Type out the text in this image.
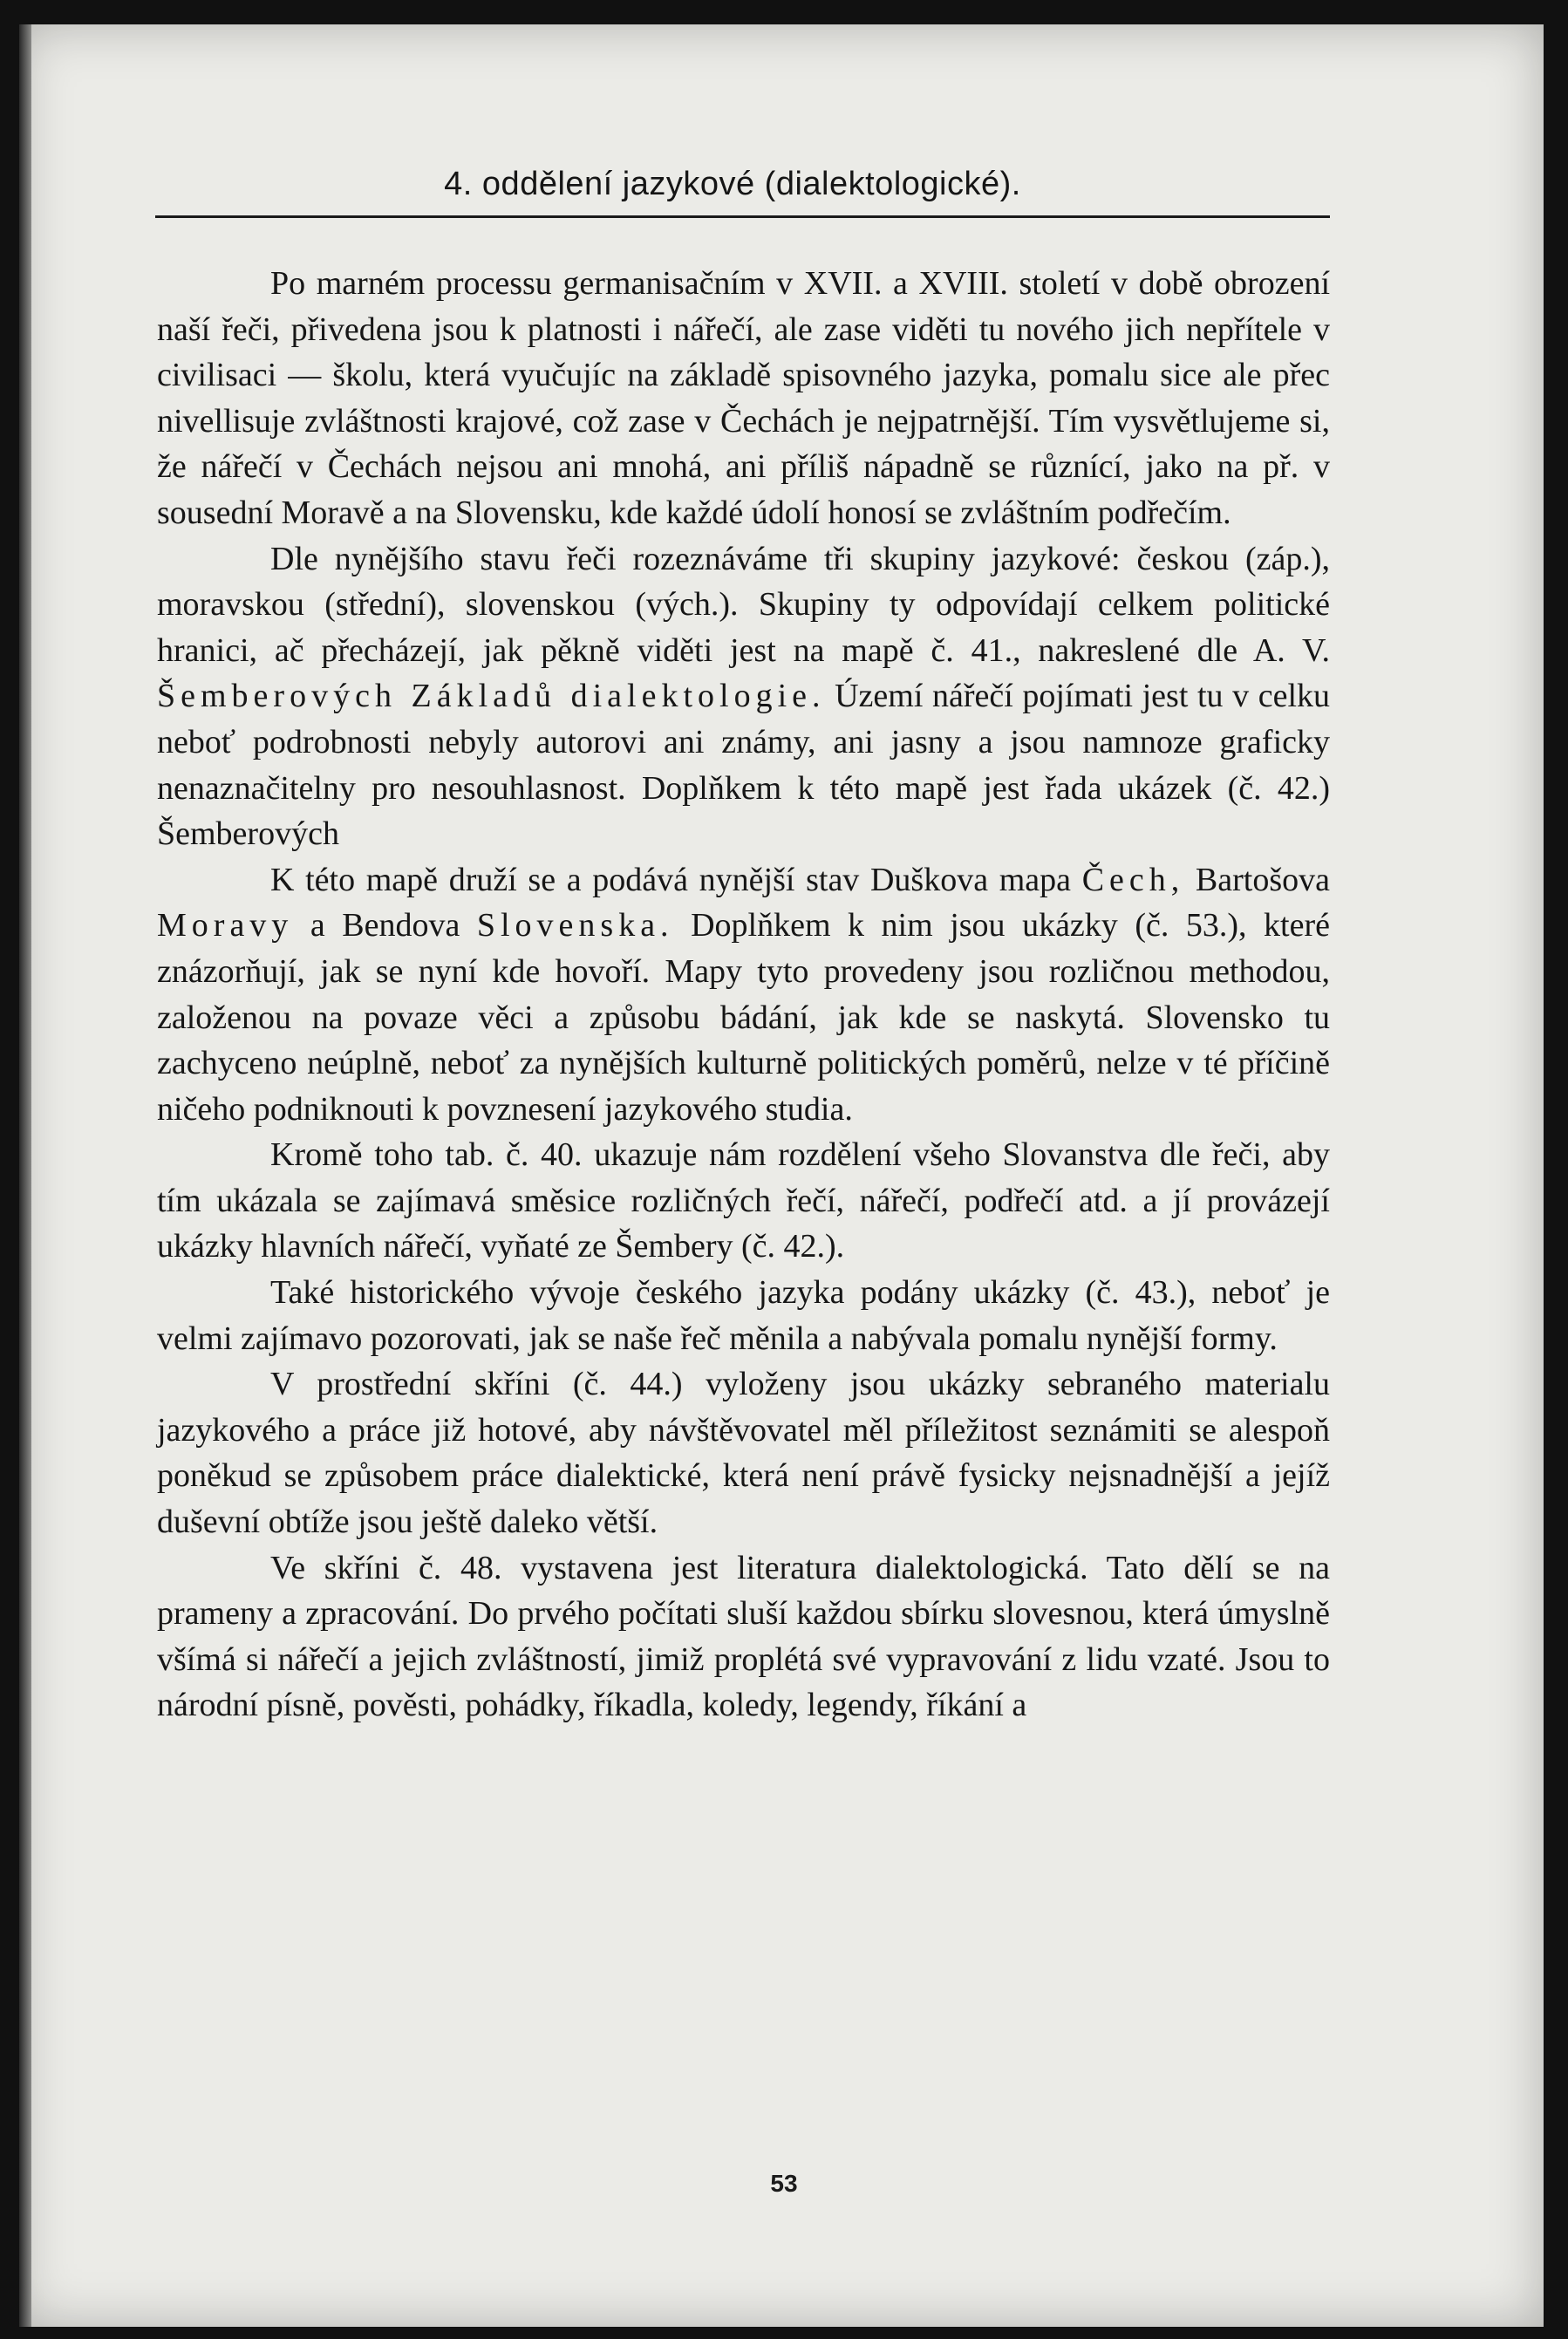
4. oddělení jazykové (dialektologické).

Po marném processu germanisačním v XVII. a XVIII. století v době obrození naší řeči, přivedena jsou k platnosti i nářečí, ale zase viděti tu nového jich nepřítele v civilisaci — školu, která vyučujíc na základě spisovného jazyka, pomalu sice ale přec nivellisuje zvláštnosti krajové, což zase v Čechách je nejpatrnější. Tím vysvětlujeme si, že nářečí v Čechách nejsou ani mnohá, ani příliš nápadně se různící, jako na př. v sousední Moravě a na Slovensku, kde každé údolí honosí se zvláštním podřečím.

Dle nynějšího stavu řeči rozeznáváme tři skupiny jazykové: českou (záp.), moravskou (střední), slovenskou (vých.). Skupiny ty odpovídají celkem politické hranici, ač přecházejí, jak pěkně viděti jest na mapě č. 41., nakreslené dle A. V. Šemberových Základů dialektologie. Území nářečí pojímati jest tu v celku neboť podrobnosti nebyly autorovi ani známy, ani jasny a jsou namnoze graficky nenaznačitelny pro nesouhlasnost. Doplňkem k této mapě jest řada ukázek (č. 42.) Šemberových

K této mapě druží se a podává nynější stav Duškova mapa Čech, Bartošova Moravy a Bendova Slovenska. Doplňkem k nim jsou ukázky (č. 53.), které znázorňují, jak se nyní kde hovoří. Mapy tyto provedeny jsou rozličnou methodou, založenou na povaze věci a způsobu bádání, jak kde se naskytá. Slovensko tu zachyceno neúplně, neboť za nynějších kulturně politických poměrů, nelze v té příčině ničeho podniknouti k povznesení jazykového studia.

Kromě toho tab. č. 40. ukazuje nám rozdělení všeho Slovanstva dle řeči, aby tím ukázala se zajímavá směsice rozličných řečí, nářečí, podřečí atd. a jí provázejí ukázky hlavních nářečí, vyňaté ze Šembery (č. 42.).

Také historického vývoje českého jazyka podány ukázky (č. 43.), neboť je velmi zajímavo pozorovati, jak se naše řeč měnila a nabývala pomalu nynější formy.

V prostřední skříni (č. 44.) vyloženy jsou ukázky sebraného materialu jazykového a práce již hotové, aby návštěvovatel měl příležitost seznámiti se alespoň poněkud se způsobem práce dialektické, která není právě fysicky nejsnadnější a jejíž duševní obtíže jsou ještě daleko větší.

Ve skříni č. 48. vystavena jest literatura dialektologická. Tato dělí se na prameny a zpracování. Do prvého počítati sluší každou sbírku slovesnou, která úmyslně všímá si nářečí a jejich zvláštností, jimiž proplétá své vypravování z lidu vzaté. Jsou to národní písně, pověsti, pohádky, říkadla, koledy, legendy, říkání a

53
